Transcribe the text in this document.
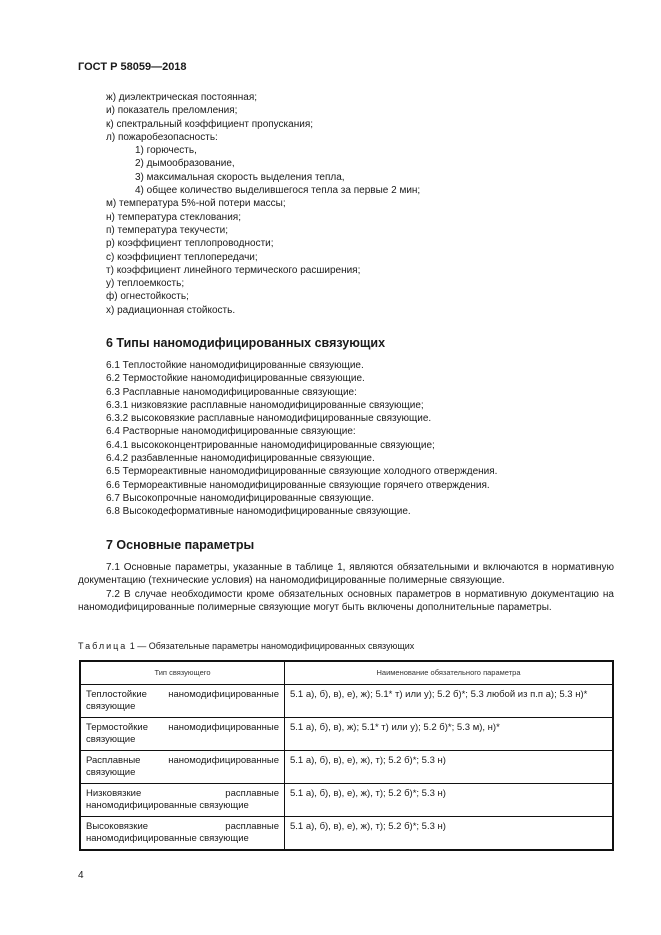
ГОСТ Р 58059—2018
ж) диэлектрическая постоянная;
и) показатель преломления;
к) спектральный коэффициент пропускания;
л) пожаробезопасность:
1) горючесть,
2) дымообразование,
3) максимальная скорость выделения тепла,
4) общее количество выделившегося тепла за первые 2 мин;
м) температура 5%-ной потери массы;
н) температура стеклования;
п) температура текучести;
р) коэффициент теплопроводности;
с) коэффициент теплопередачи;
т) коэффициент линейного термического расширения;
у) теплоемкость;
ф) огнестойкость;
х) радиационная стойкость.
6 Типы наномодифицированных связующих
6.1 Теплостойкие наномодифицированные связующие.
6.2 Термостойкие наномодифицированные связующие.
6.3 Расплавные наномодифицированные связующие:
6.3.1 низковязкие расплавные наномодифицированные связующие;
6.3.2 высоковязкие расплавные наномодифицированные связующие.
6.4 Растворные наномодифицированные связующие:
6.4.1 высококонцентрированные наномодифицированные связующие;
6.4.2 разбавленные наномодифицированные связующие.
6.5 Термореактивные наномодифицированные связующие холодного отверждения.
6.6 Термореактивные наномодифицированные связующие горячего отверждения.
6.7 Высокопрочные наномодифицированные связующие.
6.8 Высокодеформативные наномодифицированные связующие.
7 Основные параметры
7.1 Основные параметры, указанные в таблице 1, являются обязательными и включаются в нормативную документацию (технические условия) на наномодифицированные полимерные связующие.
7.2 В случае необходимости кроме обязательных основных параметров в нормативную документацию на наномодифицированные полимерные связующие могут быть включены дополнительные параметры.
Таблица 1 — Обязательные параметры наномодифицированных связующих
Тип связующего	Наименование обязательного параметра
Теплостойкие наномодифицированные связующие	5.1 а), б), в), е), ж); 5.1* т) или у); 5.2 б)*; 5.3 любой из п.п а); 5.3 н)*
Термостойкие наномодифицированные связующие	5.1 а), б), в), ж); 5.1* т) или у); 5.2 б)*; 5.3 м), н)*
Расплавные наномодифицированные связующие	5.1 а), б), в), е), ж), т); 5.2 б)*; 5.3 н)
Низковязкие расплавные наномодифицированные связующие	5.1 а), б), в), е), ж), т); 5.2 б)*; 5.3 н)
Высоковязкие расплавные наномодифицированные связующие	5.1 а), б), в), е), ж), т); 5.2 б)*; 5.3 н)
4
